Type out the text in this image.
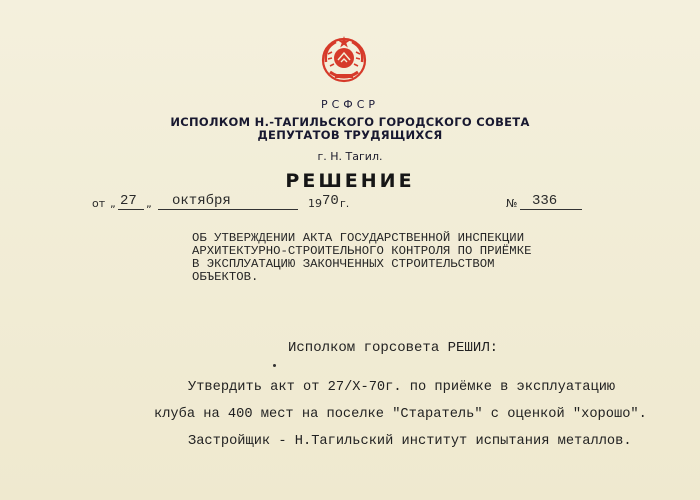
РСФСР
ИСПОЛКОМ Н.-ТАГИЛЬСКОГО ГОРОДСКОГО СОВЕТА
ДЕПУТАТОВ ТРУДЯЩИХСЯ
г. Н. Тагил.
РЕШЕНИЕ
от „ 27 „ октября	19 70 г.	№ 336
ОБ УТВЕРЖДЕНИИ АКТА ГОСУДАРСТВЕННОЙ ИНСПЕКЦИИ
АРХИТЕКТУРНО-СТРОИТЕЛЬНОГО КОНТРОЛЯ ПО ПРИЁМКЕ
В ЭКСПЛУАТАЦИЮ ЗАКОНЧЕННЫХ СТРОИТЕЛЬСТВОМ
ОБЪЕКТОВ.
Исполком горсовета РЕШИЛ:
Утвердить акт от 27/Х-70г. по приёмке в эксплуатацию
клуба на 400 мест на поселке "Старатель" с оценкой "хорошо".
Застройщик - Н.Тагильский институт испытания металлов.
